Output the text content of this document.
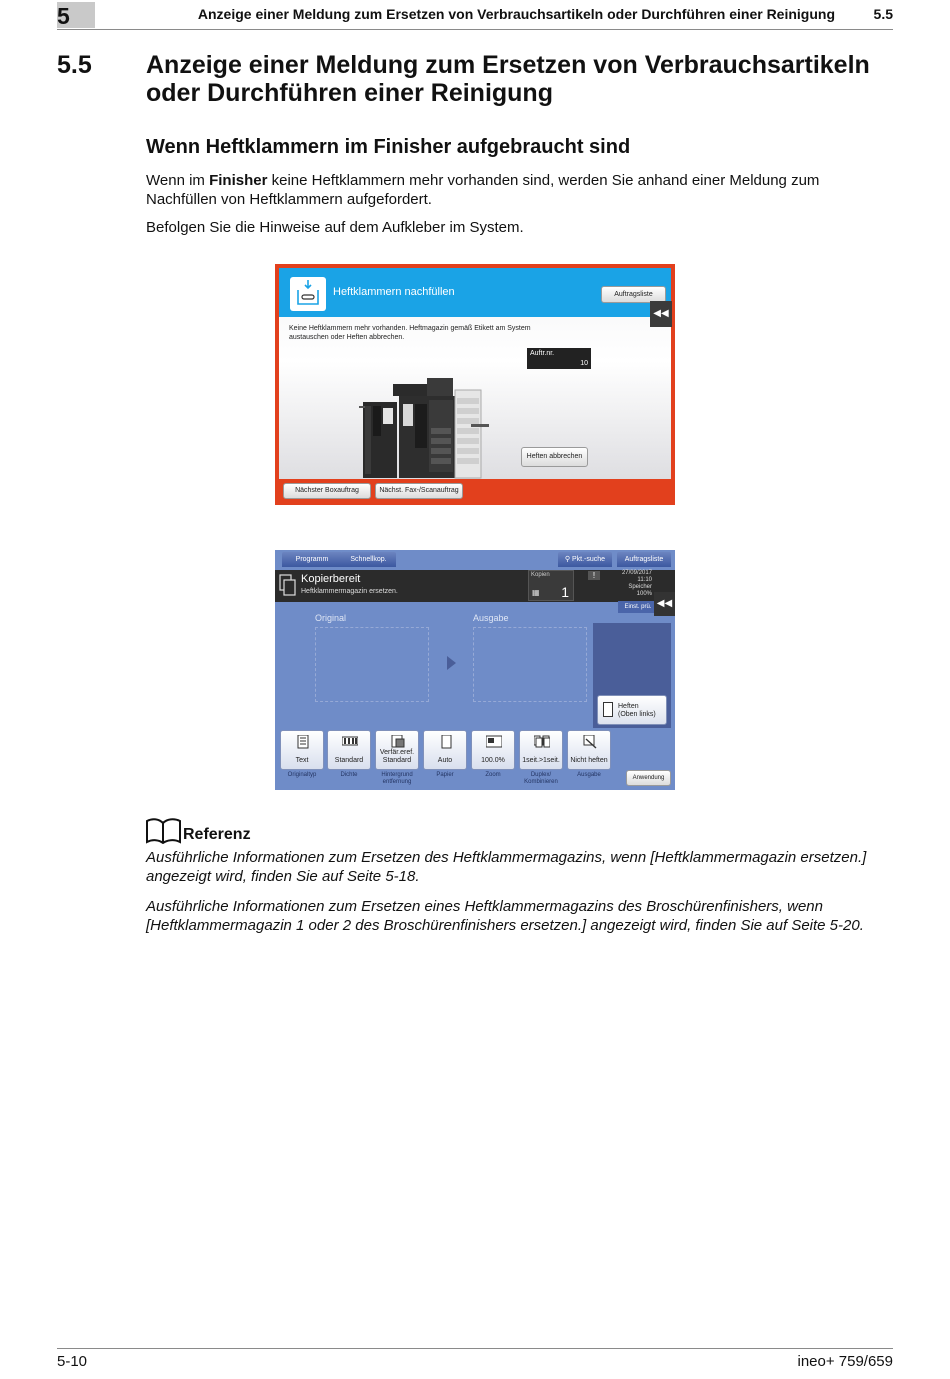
5	Anzeige einer Meldung zum Ersetzen von Verbrauchsartikeln oder Durchführen einer Reinigung	5.5
5.5 Anzeige einer Meldung zum Ersetzen von Verbrauchsartikeln oder Durchführen einer Reinigung
Wenn Heftklammern im Finisher aufgebraucht sind

Wenn im Finisher keine Heftklammern mehr vorhanden sind, werden Sie anhand einer Meldung zum Nachfüllen von Heftklammern aufgefordert.

Befolgen Sie die Hinweise auf dem Aufkleber im System.

Heftklammern nachfüllen	Auftragsliste
Keine Heftklammern mehr vorhanden. Heftmagazin gemäß Etikett am System austauschen oder Heften abbrechen.
Auftr.nr.
10
Heften abbrechen
Nächster Boxauftrag	Nächst. Fax-/Scanauftrag
◀◀
Programm	Schnellkop.	⚲ Pkt.-suche	Auftragsliste
Kopierbereit
Heftklammermagazin ersetzen.
Kopien
▦ 1
!	27/09/2017
11:10
Speicher
100%
Einst. prü. ◀◀
Original	Ausgabe
Heften
(Oben links)
Text
Originaltyp
Standard
Dichte
Verfär.eref. Standard
Hintergrund entfernung
Auto
Papier
100.0%
Zoom
1seit.>1seit.
Duplex/ Kombinieren
Nicht heften
Ausgabe	Anwendung
Referenz

Ausführliche Informationen zum Ersetzen des Heftklammermagazins, wenn [Heftklammermagazin ersetzen.] angezeigt wird, finden Sie auf Seite 5-18.

Ausführliche Informationen zum Ersetzen eines Heftklammermagazins des Broschürenfinishers, wenn [Heftklammermagazin 1 oder 2 des Broschürenfinishers ersetzen.] angezeigt wird, finden Sie auf Seite 5-20.

5-10	ineo+ 759/659
